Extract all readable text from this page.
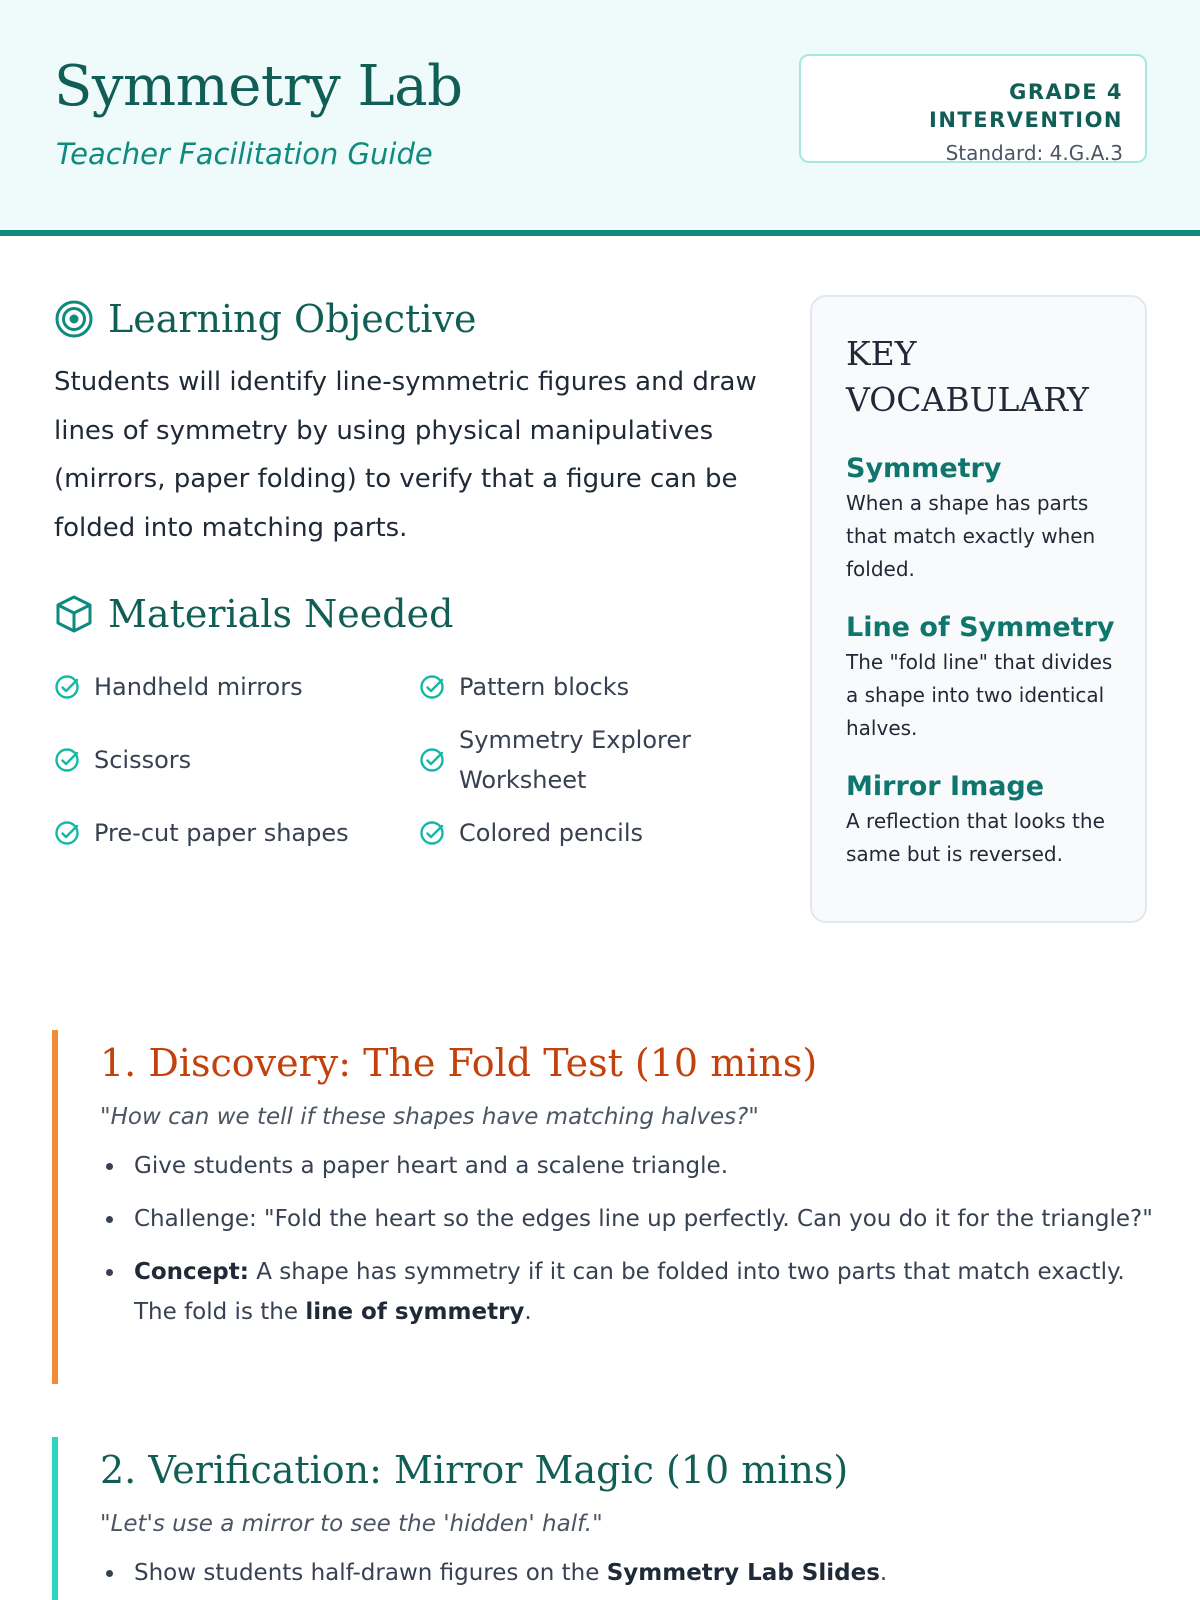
Symmetry Lab
Teacher Facilitation Guide
GRADE 4 INTERVENTION
Standard: 4.G.A.3
Learning Objective

Students will identify line-symmetric figures and draw lines of symmetry by using physical manipulatives (mirrors, paper folding) to verify that a figure can be folded into matching parts.

Materials Needed
Handheld mirrors	Pattern blocks
Scissors
Symmetry Explorer Worksheet
Pre-cut paper shapes	Colored pencils
KEY VOCABULARY
Symmetry
When a shape has parts that match exactly when folded.
Line of Symmetry
The "fold line" that divides a shape into two identical halves.
Mirror Image
A reflection that looks the same but is reversed.
1. Discovery: The Fold Test (10 mins)

"How can we tell if these shapes have matching halves?"

Give students a paper heart and a scalene triangle.
Challenge: "Fold the heart so the edges line up perfectly. Can you do it for the triangle?"
Concept: A shape has symmetry if it can be folded into two parts that match exactly. The fold is the line of symmetry.
2. Verification: Mirror Magic (10 mins)

"Let's use a mirror to see the 'hidden' half."

Show students half-drawn figures on the Symmetry Lab Slides.
